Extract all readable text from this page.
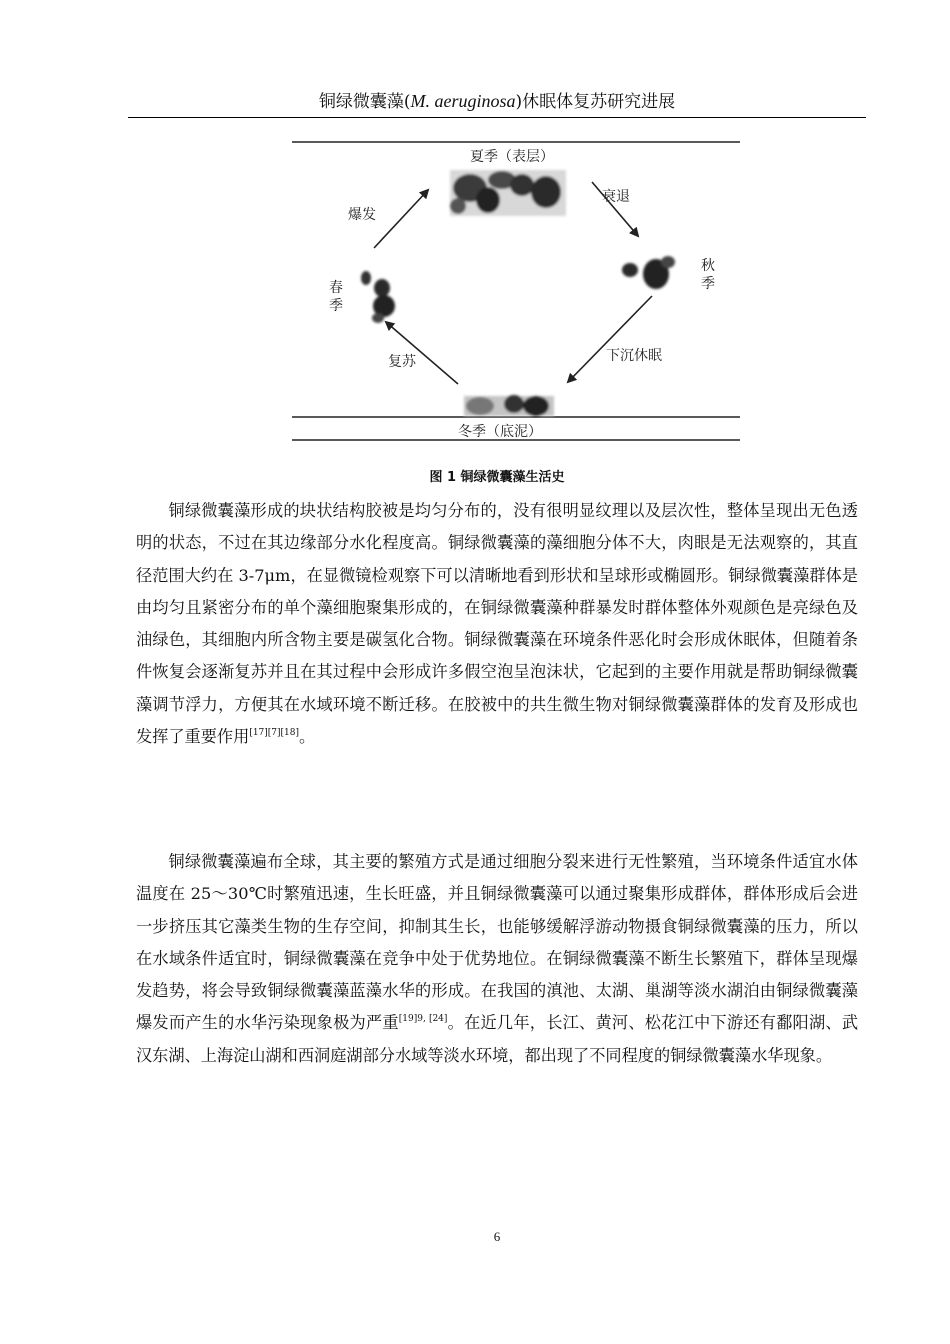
铜绿微囊藻(M. aeruginosa)休眠体复苏研究进展
夏季（表层）
秋
季
春
季
冬季（底泥）
爆发
衰退
下沉休眠
复苏
图 1 铜绿微囊藻生活史

铜绿微囊藻形成的块状结构胶被是均匀分布的，没有很明显纹理以及层次性，整体呈现出无色透明的状态，不过在其边缘部分水化程度高。铜绿微囊藻的藻细胞分体不大，肉眼是无法观察的，其直径范围大约在 3-7μm，在显微镜检观察下可以清晰地看到形状和呈球形或椭圆形。铜绿微囊藻群体是由均匀且紧密分布的单个藻细胞聚集形成的，在铜绿微囊藻种群暴发时群体整体外观颜色是亮绿色及油绿色，其细胞内所含物主要是碳氢化合物。铜绿微囊藻在环境条件恶化时会形成休眠体，但随着条件恢复会逐渐复苏并且在其过程中会形成许多假空泡呈泡沫状，它起到的主要作用就是帮助铜绿微囊藻调节浮力，方便其在水域环境不断迁移。在胶被中的共生微生物对铜绿微囊藻群体的发育及形成也发挥了重要作用[17][7][18]。

铜绿微囊藻遍布全球，其主要的繁殖方式是通过细胞分裂来进行无性繁殖，当环境条件适宜水体温度在 25～30℃时繁殖迅速，生长旺盛，并且铜绿微囊藻可以通过聚集形成群体，群体形成后会进一步挤压其它藻类生物的生存空间，抑制其生长，也能够缓解浮游动物摄食铜绿微囊藻的压力，所以在水域条件适宜时，铜绿微囊藻在竞争中处于优势地位。在铜绿微囊藻不断生长繁殖下，群体呈现爆发趋势，将会导致铜绿微囊藻蓝藻水华的形成。在我国的滇池、太湖、巢湖等淡水湖泊由铜绿微囊藻爆发而产生的水华污染现象极为严重[19]9, [24]。在近几年，长江、黄河、松花江中下游还有鄱阳湖、武汉东湖、上海淀山湖和西洞庭湖部分水域等淡水环境，都出现了不同程度的铜绿微囊藻水华现象。

6
